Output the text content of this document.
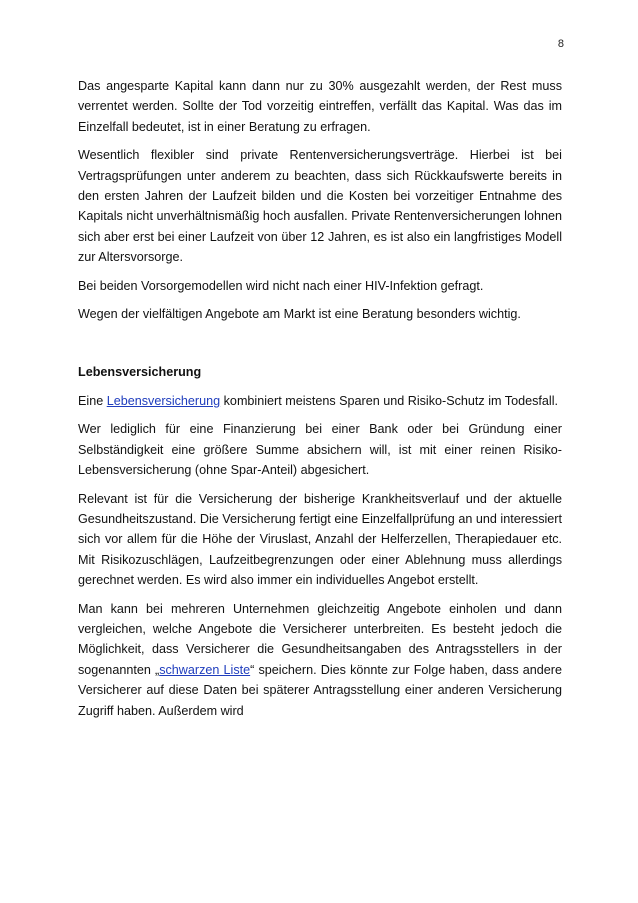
8

Das angesparte Kapital kann dann nur zu 30% ausgezahlt werden, der Rest muss verrentet werden. Sollte der Tod vorzeitig eintreffen, verfällt das Kapital. Was das im Einzelfall bedeutet, ist in einer Beratung zu erfragen.

Wesentlich flexibler sind private Rentenversicherungsverträge. Hierbei ist bei Vertragsprüfungen unter anderem zu beachten, dass sich Rückkaufswerte bereits in den ersten Jahren der Laufzeit bilden und die Kosten bei vorzeitiger Entnahme des Kapitals nicht unverhältnismäßig hoch ausfallen. Private Rentenversicherungen lohnen sich aber erst bei einer Laufzeit von über 12 Jahren, es ist also ein langfristiges Modell zur Altersvorsorge.

Bei beiden Vorsorgemodellen wird nicht nach einer HIV-Infektion gefragt.

Wegen der vielfältigen Angebote am Markt ist eine Beratung besonders wichtig.

Lebensversicherung

Eine Lebensversicherung kombiniert meistens Sparen und Risiko-Schutz im Todesfall.

Wer lediglich für eine Finanzierung bei einer Bank oder bei Gründung einer Selbständigkeit eine größere Summe absichern will, ist mit einer reinen Risiko-Lebensversicherung (ohne Spar-Anteil) abgesichert.

Relevant ist für die Versicherung der bisherige Krankheitsverlauf und der aktuelle Gesundheitszustand. Die Versicherung fertigt eine Einzelfallprüfung an und interessiert sich vor allem für die Höhe der Viruslast, Anzahl der Helferzellen, Therapiedauer etc. Mit Risikozuschlägen, Laufzeitbegrenzungen oder einer Ablehnung muss allerdings gerechnet werden. Es wird also immer ein individuelles Angebot erstellt.

Man kann bei mehreren Unternehmen gleichzeitig Angebote einholen und dann vergleichen, welche Angebote die Versicherer unterbreiten. Es besteht jedoch die Möglichkeit, dass Versicherer die Gesundheitsangaben des Antragsstellers in der sogenannten „schwarzen Liste“ speichern. Dies könnte zur Folge haben, dass andere Versicherer auf diese Daten bei späterer Antragsstellung einer anderen Versicherung Zugriff haben. Außerdem wird
